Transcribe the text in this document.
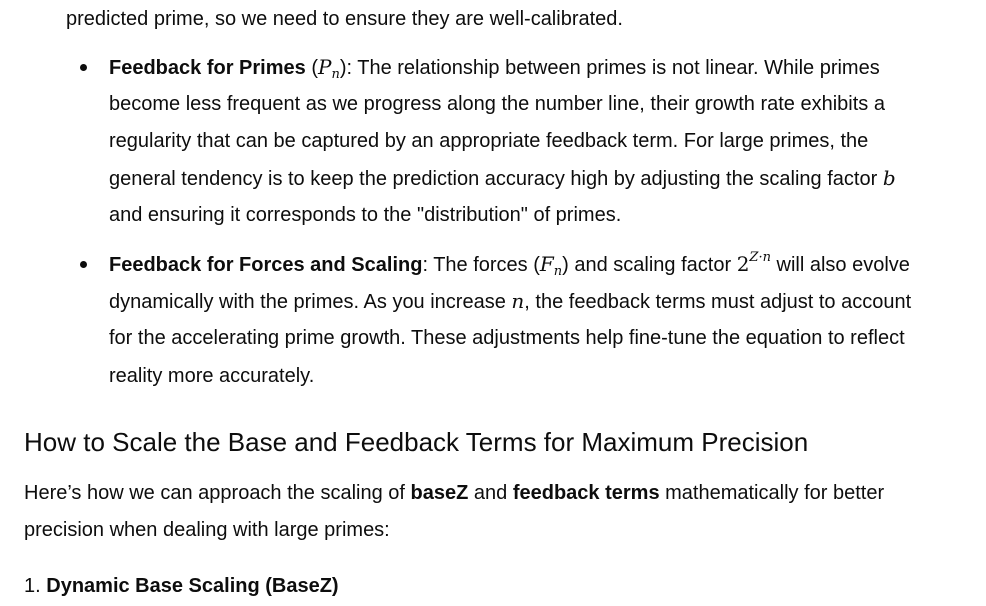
predicted prime, so we need to ensure they are well-calibrated.
Feedback for Primes $(P_n)$: The relationship between primes is not linear. While primes
become less frequent as we progress along the number line, their growth rate exhibits a
regularity that can be captured by an appropriate feedback term. For large primes, the
general tendency is to keep the prediction accuracy high by adjusting the scaling factor b
and ensuring it corresponds to the "distribution" of primes.
Feedback for Forces and Scaling: The forces $(F_n)$ and scaling factor $2^{Z\cdot n}$ will also evolve
dynamically with the primes. As you increase n, the feedback terms must adjust to account
for the accelerating prime growth. These adjustments help fine-tune the equation to reflect
reality more accurately.
How to Scale the Base and Feedback Terms for Maximum Precision
Here’s how we can approach the scaling of baseZ and feedback terms mathematically for better
precision when dealing with large primes:
1. Dynamic Base Scaling (BaseZ)
